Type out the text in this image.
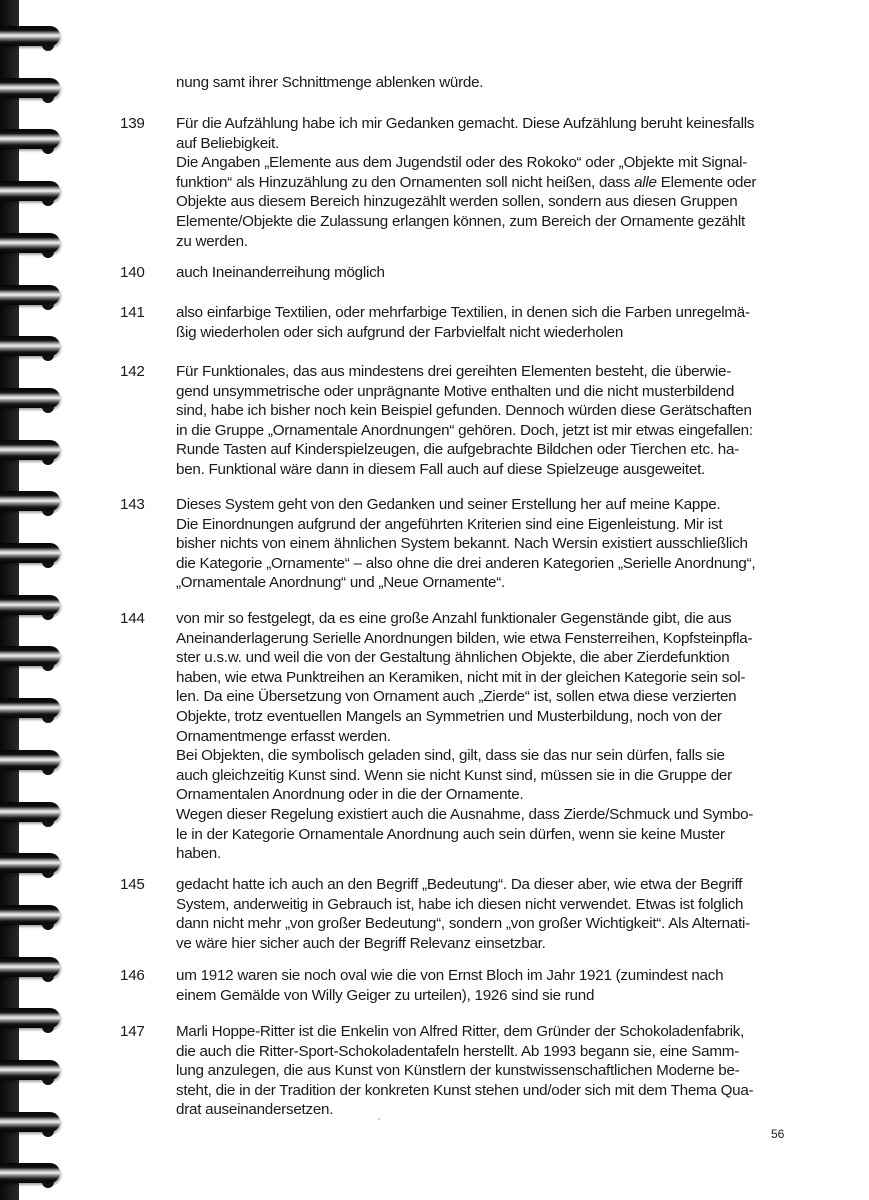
nung samt ihrer Schnittmenge ablenken würde.
139	Für die Aufzählung habe ich mir Gedanken gemacht. Diese Aufzählung beruht keinesfalls
auf Beliebigkeit.
Die Angaben „Elemente aus dem Jugendstil oder des Rokoko“ oder „Objekte mit Signal-
funktion“ als Hinzuzählung zu den Ornamenten soll nicht heißen, dass alle Elemente oder
Objekte aus diesem Bereich hinzugezählt werden sollen, sondern aus diesen Gruppen
Elemente/Objekte die Zulassung erlangen können, zum Bereich der Ornamente gezählt
zu werden.
140	auch Ineinanderreihung möglich
141	also einfarbige Textilien, oder mehrfarbige Textilien, in denen sich die Farben unregelmä-
ßig wiederholen oder sich aufgrund der Farbvielfalt nicht wiederholen
142	Für Funktionales, das aus mindestens drei gereihten Elementen besteht, die überwie-
gend unsymmetrische oder unprägnante Motive enthalten und die nicht musterbildend
sind, habe ich bisher noch kein Beispiel gefunden. Dennoch würden diese Gerätschaften
in die Gruppe „Ornamentale Anordnungen“ gehören. Doch, jetzt ist mir etwas eingefallen:
Runde Tasten auf Kinderspielzeugen, die aufgebrachte Bildchen oder Tierchen etc. ha-
ben. Funktional wäre dann in diesem Fall auch auf diese Spielzeuge ausgeweitet.
143	Dieses System geht von den Gedanken und seiner Erstellung her auf meine Kappe.
Die Einordnungen aufgrund der angeführten Kriterien sind eine Eigenleistung. Mir ist
bisher nichts von einem ähnlichen System bekannt. Nach Wersin existiert ausschließlich
die Kategorie „Ornamente“ – also ohne die drei anderen Kategorien „Serielle Anordnung“,
„Ornamentale Anordnung“ und „Neue Ornamente“.
144	von mir so festgelegt, da es eine große Anzahl funktionaler Gegenstände gibt, die aus
Aneinanderlagerung Serielle Anordnungen bilden, wie etwa Fensterreihen, Kopfsteinpfla-
ster u.s.w. und weil die von der Gestaltung ähnlichen Objekte, die aber Zierdefunktion
haben, wie etwa Punktreihen an Keramiken, nicht mit in der gleichen Kategorie sein sol-
len. Da eine Übersetzung von Ornament auch „Zierde“ ist, sollen etwa diese verzierten
Objekte, trotz eventuellen Mangels an Symmetrien und Musterbildung, noch von der
Ornamentmenge erfasst werden.
Bei Objekten, die symbolisch geladen sind, gilt, dass sie das nur sein dürfen, falls sie
auch gleichzeitig Kunst sind. Wenn sie nicht Kunst sind, müssen sie in die Gruppe der
Ornamentalen Anordnung oder in die der Ornamente.
Wegen dieser Regelung existiert auch die Ausnahme, dass Zierde/Schmuck und Symbo-
le in der Kategorie Ornamentale Anordnung auch sein dürfen, wenn sie keine Muster
haben.
145	gedacht hatte ich auch an den Begriff „Bedeutung“. Da dieser aber, wie etwa der Begriff
System, anderweitig in Gebrauch ist, habe ich diesen nicht verwendet. Etwas ist folglich
dann nicht mehr „von großer Bedeutung“, sondern „von großer Wichtigkeit“. Als Alternati-
ve wäre hier sicher auch der Begriff Relevanz einsetzbar.
146	um 1912 waren sie noch oval wie die von Ernst Bloch im Jahr 1921 (zumindest nach
einem Gemälde von Willy Geiger zu urteilen), 1926 sind sie rund
147	Marli Hoppe-Ritter ist die Enkelin von Alfred Ritter, dem Gründer der Schokoladenfabrik,
die auch die Ritter-Sport-Schokoladentafeln herstellt. Ab 1993 begann sie, eine Samm-
lung anzulegen, die aus Kunst von Künstlern der kunstwissenschaftlichen Moderne be-
steht, die in der Tradition der konkreten Kunst stehen und/oder sich mit dem Thema Qua-
drat auseinandersetzen.
56
